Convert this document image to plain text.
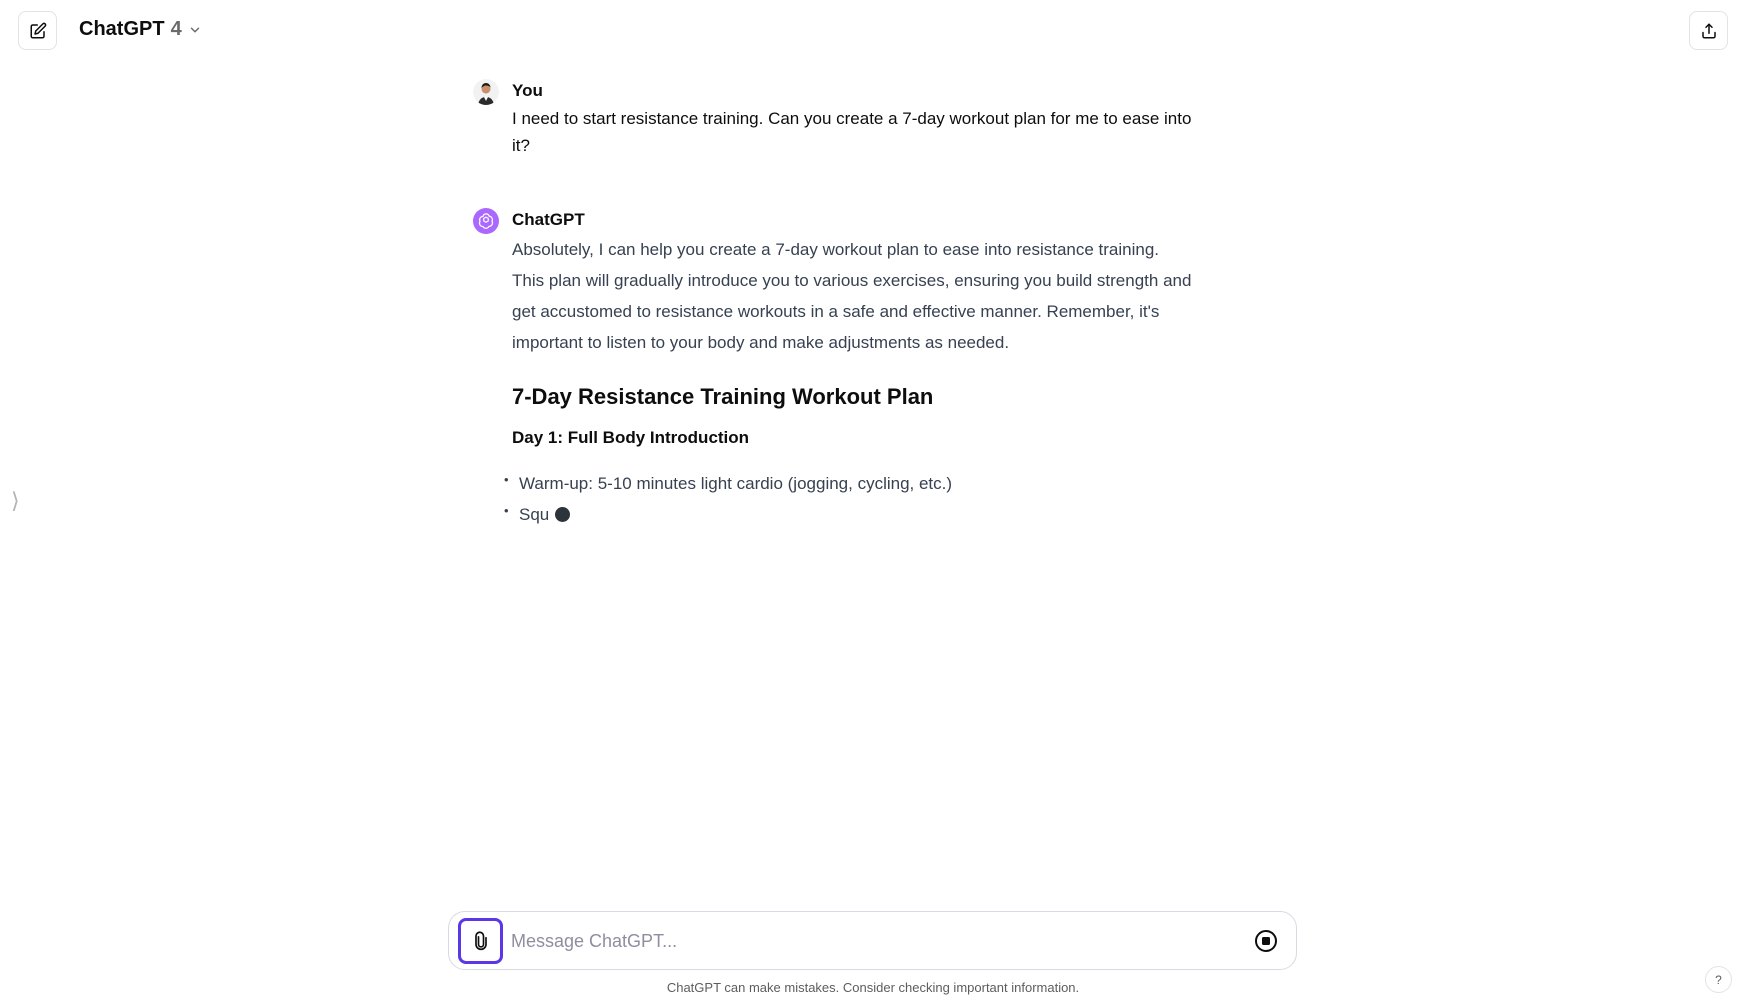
ChatGPT 4
⟩
You
I need to start resistance training. Can you create a 7-day workout plan for me to ease into it?
ChatGPT
Absolutely, I can help you create a 7-day workout plan to ease into resistance training. This plan will gradually introduce you to various exercises, ensuring you build strength and get accustomed to resistance workouts in a safe and effective manner. Remember, it's important to listen to your body and make adjustments as needed.
7-Day Resistance Training Workout Plan
Day 1: Full Body Introduction
• Warm-up: 5-10 minutes light cardio (jogging, cycling, etc.)
• Squ
Message ChatGPT...
ChatGPT can make mistakes. Consider checking important information.
?
